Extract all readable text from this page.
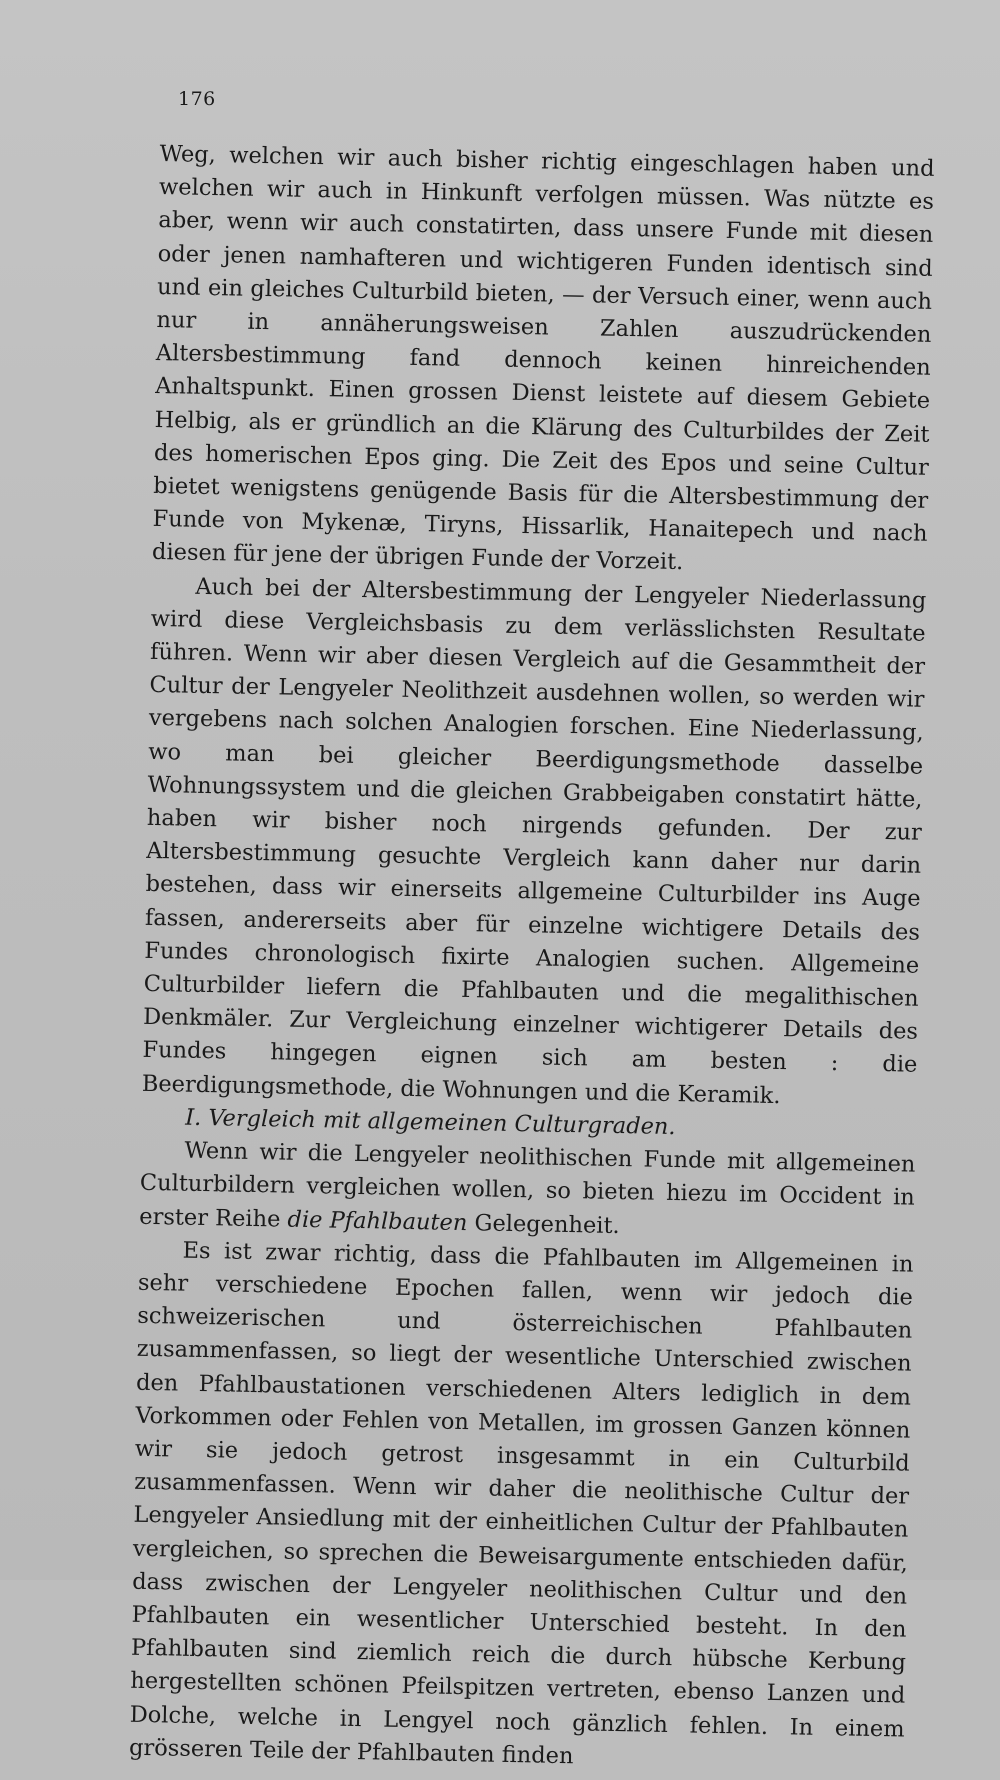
176

Weg, welchen wir auch bisher richtig eingeschlagen haben und welchen wir auch in Hinkunft verfolgen müssen. Was nützte es aber, wenn wir auch constatirten, dass unsere Funde mit diesen oder jenen namhafteren und wichtigeren Funden identisch sind und ein gleiches Culturbild bieten, — der Versuch einer, wenn auch nur in annäherungsweisen Zahlen auszudrückenden Altersbestimmung fand dennoch keinen hinreichenden Anhaltspunkt. Einen grossen Dienst leistete auf diesem Gebiete Helbig, als er gründlich an die Klärung des Culturbildes der Zeit des homerischen Epos ging. Die Zeit des Epos und seine Cultur bietet wenigstens genügende Basis für die Altersbestimmung der Funde von Mykenæ, Tiryns, Hissarlik, Hanaitepech und nach diesen für jene der übrigen Funde der Vorzeit.

Auch bei der Altersbestimmung der Lengyeler Niederlassung wird diese Vergleichsbasis zu dem verlässlichsten Resultate führen. Wenn wir aber diesen Vergleich auf die Gesammtheit der Cultur der Lengyeler Neolithzeit ausdehnen wollen, so werden wir vergebens nach solchen Analogien forschen. Eine Niederlassung, wo man bei gleicher Beerdigungsmethode dasselbe Wohnungssystem und die gleichen Grabbeigaben constatirt hätte, haben wir bisher noch nirgends gefunden. Der zur Altersbestimmung gesuchte Vergleich kann daher nur darin bestehen, dass wir einerseits allgemeine Culturbilder ins Auge fassen, andererseits aber für einzelne wichtigere Details des Fundes chronologisch fixirte Analogien suchen. Allgemeine Culturbilder liefern die Pfahlbauten und die megalithischen Denkmäler. Zur Vergleichung einzelner wichtigerer Details des Fundes hingegen eignen sich am besten : die Beerdigungsmethode, die Wohnungen und die Keramik.

I. Vergleich mit allgemeinen Culturgraden.

Wenn wir die Lengyeler neolithischen Funde mit allgemeinen Culturbildern vergleichen wollen, so bieten hiezu im Occident in erster Reihe die Pfahlbauten Gelegenheit.

Es ist zwar richtig, dass die Pfahlbauten im Allgemeinen in sehr verschiedene Epochen fallen, wenn wir jedoch die schweizerischen und österreichischen Pfahlbauten zusammenfassen, so liegt der wesentliche Unterschied zwischen den Pfahlbaustationen verschiedenen Alters lediglich in dem Vorkommen oder Fehlen von Metallen, im grossen Ganzen können wir sie jedoch getrost insgesammt in ein Culturbild zusammenfassen. Wenn wir daher die neolithische Cultur der Lengyeler Ansiedlung mit der einheitlichen Cultur der Pfahlbauten vergleichen, so sprechen die Beweisargumente entschieden dafür, dass zwischen der Lengyeler neolithischen Cultur und den Pfahlbauten ein wesentlicher Unterschied besteht. In den Pfahlbauten sind ziemlich reich die durch hübsche Kerbung hergestellten schönen Pfeilspitzen vertreten, ebenso Lanzen und Dolche, welche in Lengyel noch gänzlich fehlen. In einem grösseren Teile der Pfahlbauten finden
